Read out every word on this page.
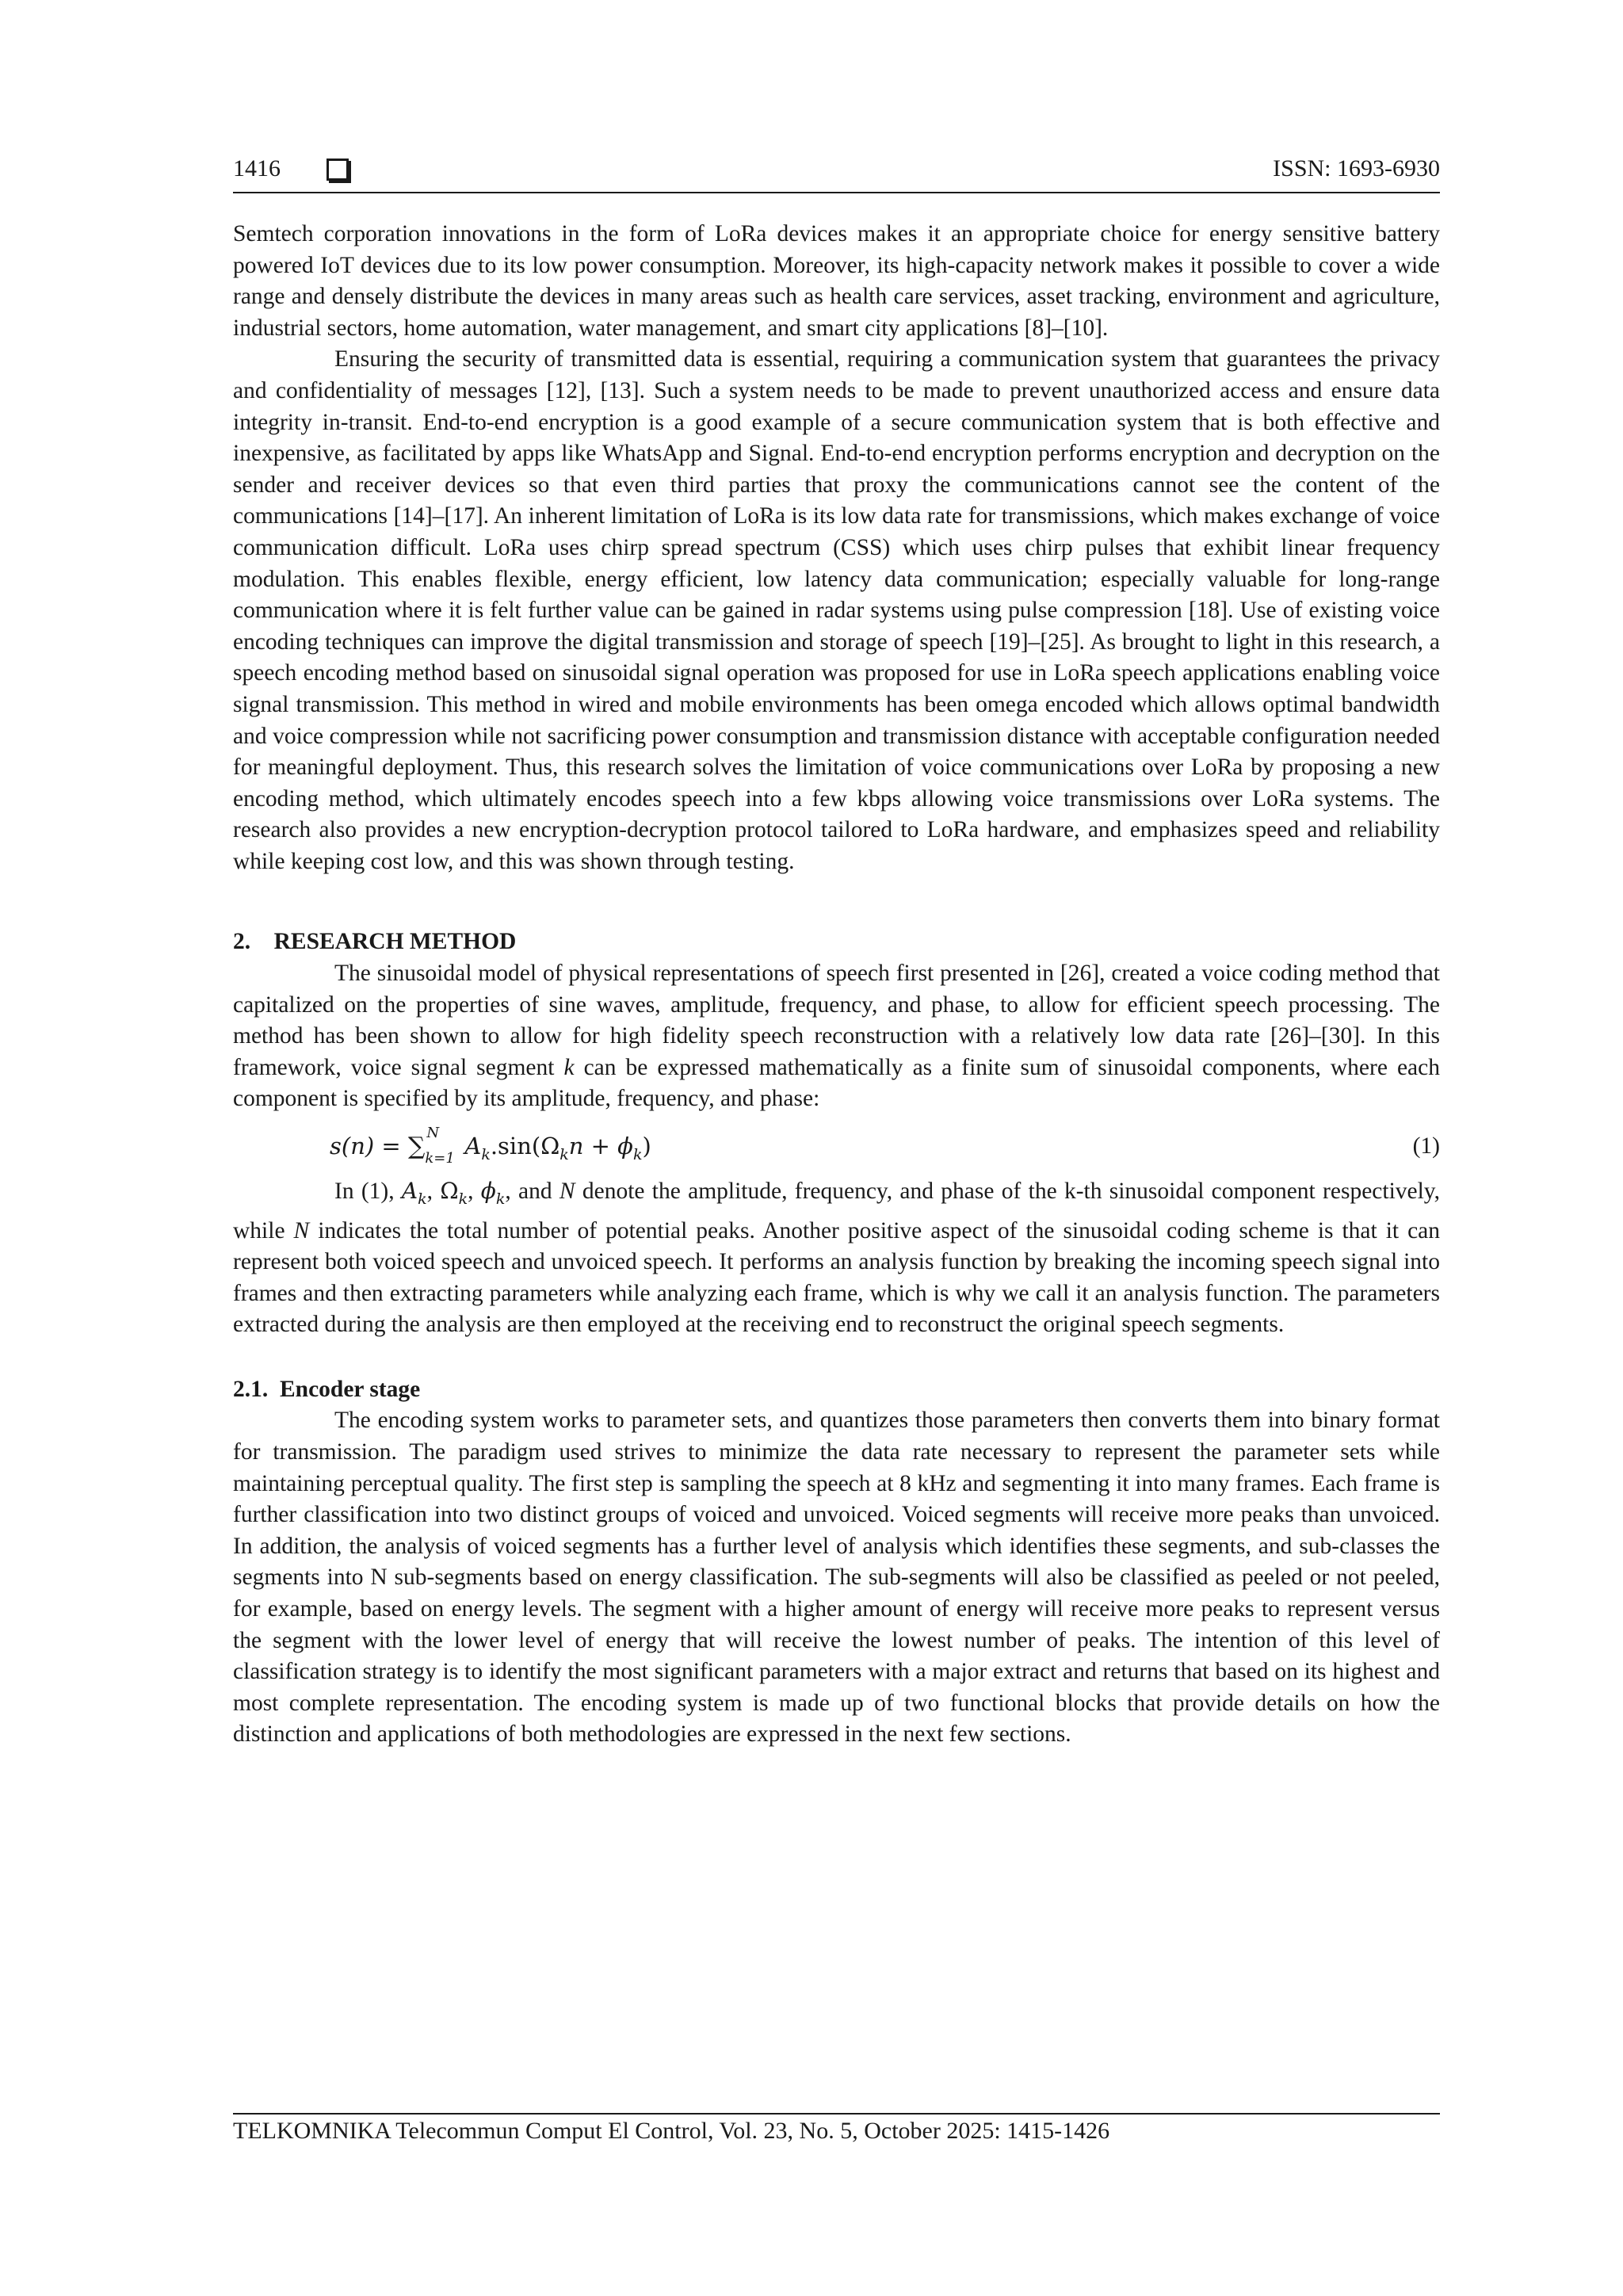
1416	ISSN: 1693-6930

Semtech corporation innovations in the form of LoRa devices makes it an appropriate choice for energy sensitive battery powered IoT devices due to its low power consumption. Moreover, its high-capacity network makes it possible to cover a wide range and densely distribute the devices in many areas such as health care services, asset tracking, environment and agriculture, industrial sectors, home automation, water management, and smart city applications [8]–[10].

Ensuring the security of transmitted data is essential, requiring a communication system that guarantees the privacy and confidentiality of messages [12], [13]. Such a system needs to be made to prevent unauthorized access and ensure data integrity in-transit. End-to-end encryption is a good example of a secure communication system that is both effective and inexpensive, as facilitated by apps like WhatsApp and Signal. End-to-end encryption performs encryption and decryption on the sender and receiver devices so that even third parties that proxy the communications cannot see the content of the communications [14]–[17]. An inherent limitation of LoRa is its low data rate for transmissions, which makes exchange of voice communication difficult. LoRa uses chirp spread spectrum (CSS) which uses chirp pulses that exhibit linear frequency modulation. This enables flexible, energy efficient, low latency data communication; especially valuable for long-range communication where it is felt further value can be gained in radar systems using pulse compression [18]. Use of existing voice encoding techniques can improve the digital transmission and storage of speech [19]–[25]. As brought to light in this research, a speech encoding method based on sinusoidal signal operation was proposed for use in LoRa speech applications enabling voice signal transmission. This method in wired and mobile environments has been omega encoded which allows optimal bandwidth and voice compression while not sacrificing power consumption and transmission distance with acceptable configuration needed for meaningful deployment. Thus, this research solves the limitation of voice communications over LoRa by proposing a new encoding method, which ultimately encodes speech into a few kbps allowing voice transmissions over LoRa systems. The research also provides a new encryption-decryption protocol tailored to LoRa hardware, and emphasizes speed and reliability while keeping cost low, and this was shown through testing.

2.    RESEARCH METHOD

The sinusoidal model of physical representations of speech first presented in [26], created a voice coding method that capitalized on the properties of sine waves, amplitude, frequency, and phase, to allow for efficient speech processing. The method has been shown to allow for high fidelity speech reconstruction with a relatively low data rate [26]–[30]. In this framework, voice signal segment k can be expressed mathematically as a finite sum of sinusoidal components, where each component is specified by its amplitude, frequency, and phase:

s(n) = ∑ N
k=1 $A_k.\sin(\Omega_kn + \phi_k)$	(1)

In (1), $A_k$, $\Omega_k$, $\phi_k$, and N denote the amplitude, frequency, and phase of the k-th sinusoidal component respectively, while N indicates the total number of potential peaks. Another positive aspect of the sinusoidal coding scheme is that it can represent both voiced speech and unvoiced speech. It performs an analysis function by breaking the incoming speech signal into frames and then extracting parameters while analyzing each frame, which is why we call it an analysis function. The parameters extracted during the analysis are then employed at the receiving end to reconstruct the original speech segments.

2.1.  Encoder stage

The encoding system works to parameter sets, and quantizes those parameters then converts them into binary format for transmission. The paradigm used strives to minimize the data rate necessary to represent the parameter sets while maintaining perceptual quality. The first step is sampling the speech at 8 kHz and segmenting it into many frames. Each frame is further classification into two distinct groups of voiced and unvoiced. Voiced segments will receive more peaks than unvoiced. In addition, the analysis of voiced segments has a further level of analysis which identifies these segments, and sub-classes the segments into N sub-segments based on energy classification. The sub-segments will also be classified as peeled or not peeled, for example, based on energy levels. The segment with a higher amount of energy will receive more peaks to represent versus the segment with the lower level of energy that will receive the lowest number of peaks. The intention of this level of classification strategy is to identify the most significant parameters with a major extract and returns that based on its highest and most complete representation. The encoding system is made up of two functional blocks that provide details on how the distinction and applications of both methodologies are expressed in the next few sections.

TELKOMNIKA Telecommun Comput El Control, Vol. 23, No. 5, October 2025: 1415-1426
